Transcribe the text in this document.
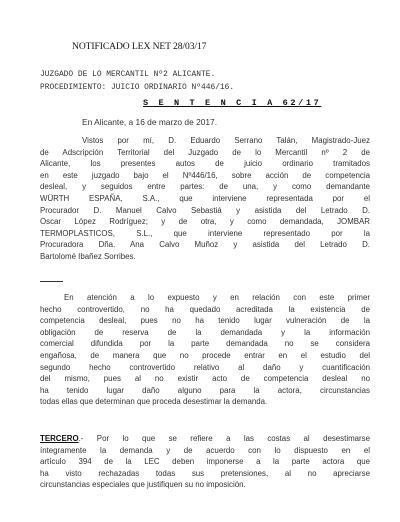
NOTIFICADO LEX NET 28/03/17
JUZGADO DE LO MERCANTIL Nº2 ALICANTE.
PROCEDIMIENTO: JUICIO ORDINARIO Nº446/16.
S E N T E N C I A 62/17
En Alicante, a 16 de marzo de 2017.
Vistos por mí, D. Eduardo Serrano Talán, Magistrado-Juez
de Adscripción Territorial del Juzgado de lo Mercantil nº 2 de
Alicante, los presentes autos de juicio ordinario tramitados
en este juzgado bajo el Nº446/16, sobre acción de competencia
desleal, y seguidos entre partes: de una, y como demandante
WÜRTH ESPAÑA, S.A., que interviene representada por el
Procurador D. Manuel Calvo Sebastiá y asistida del Letrado D.
Oscar López Rodríguez; y de otra, y como demandada, JOMBAR
TERMOPLASTICOS, S.L., que interviene representado por la
Procuradora Dña. Ana Calvo Muñoz y asistida del Letrado D.
Bartolomé Ibañez Sorribes.
En atención a lo expuesto y en relación con este primer
hecho controvertido, no ha quedado acreditada la existencia de
competencia desleal, pues no ha tenido lugar vulneración de la
obligación de reserva de la demandada y la información
comercial difundida por la parte demandada no se considera
engañosa, de manera que no procede entrar en el estudio del
segundo hecho controvertido relativo al daño y cuantificación
del mismo, pues al no existir acto de competencia desleal no
ha tenido lugar daño alguno para la actora, circunstancias
todas ellas que determinan que proceda desestimar la demanda.
TERCERO.- Por lo que se refiere a las costas al desestimarse
íntegramente la demanda y de acuerdo con lo dispuesto en el
artículo 394 de la LEC deben imponerse a la parte actora que
ha visto rechazadas todas sus pretensiones, al no apreciarse
circunstancias especiales que justifiquen su no imposición.
